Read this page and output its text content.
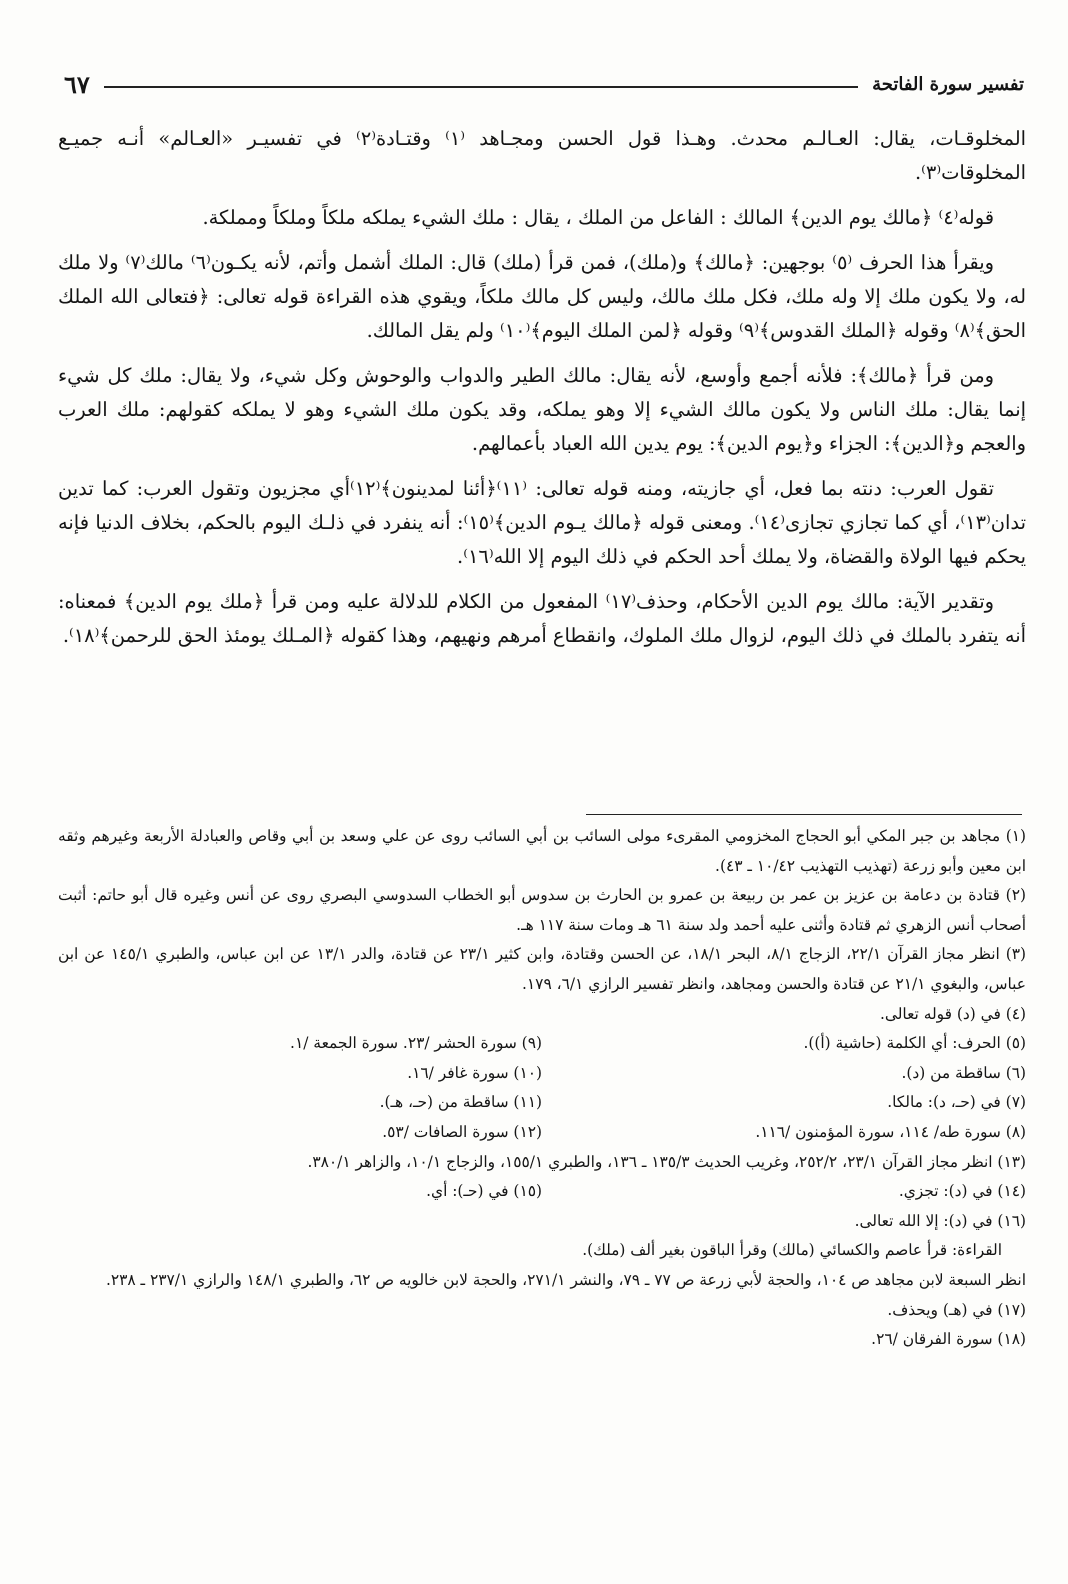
تفسير سورة الفاتحة
٦٧

المخلوقـات، يقال: العـالـم محدث. وهـذا قول الحسن ومجـاهد ⁽١⁾ وقتـادة⁽٢⁾ في تفسيـر «العـالم» أنـه جميـع المخلوقات⁽٣⁾.

قوله⁽٤⁾ ﴿مالك يوم الدين﴾ المالك : الفاعل من الملك ، يقال : ملك الشيء يملكه ملكاً وملكاً ومملكة.

ويقرأ هذا الحرف ⁽٥⁾ بوجهين: ﴿مالك﴾ و(ملك)، فمن قرأ (ملك) قال: الملك أشمل وأتم، لأنه يكـون⁽٦⁾ مالك⁽٧⁾ ولا ملك له، ولا يكون ملك إلا وله ملك، فكل ملك مالك، وليس كل مالك ملكاً، ويقوي هذه القراءة قوله تعالى: ﴿فتعالى الله الملك الحق﴾⁽٨⁾ وقوله ﴿الملك القدوس﴾⁽٩⁾ وقوله ﴿لمن الملك اليوم﴾⁽١٠⁾ ولم يقل المالك.

ومن قرأ ﴿مالك﴾: فلأنه أجمع وأوسع، لأنه يقال: مالك الطير والدواب والوحوش وكل شيء، ولا يقال: ملك كل شيء إنما يقال: ملك الناس ولا يكون مالك الشيء إلا وهو يملكه، وقد يكون ملك الشيء وهو لا يملكه كقولهم: ملك العرب والعجم و﴿الدين﴾: الجزاء و﴿يوم الدين﴾: يوم يدين الله العباد بأعمالهم.

تقول العرب: دنته بما فعل، أي جازيته، ومنه قوله تعالى: ⁽١١⁾﴿أئنا لمدينون﴾⁽١٢⁾أي مجزيون وتقول العرب: كما تدين تدان⁽١٣⁾، أي كما تجازي تجازى⁽١٤⁾. ومعنى قوله ﴿مالك يـوم الدين﴾⁽١٥⁾: أنه ينفرد في ذلـك اليوم بالحكم، بخلاف الدنيا فإنه يحكم فيها الولاة والقضاة، ولا يملك أحد الحكم في ذلك اليوم إلا الله⁽١٦⁾.

وتقدير الآية: مالك يوم الدين الأحكام، وحذف⁽١٧⁾ المفعول من الكلام للدلالة عليه ومن قرأ ﴿ملك يوم الدين﴾ فمعناه: أنه يتفرد بالملك في ذلك اليوم، لزوال ملك الملوك، وانقطاع أمرهم ونهيهم، وهذا كقوله ﴿المـلك يومئذ الحق للرحمن﴾⁽١٨⁾.

(١) مجاهد بن جبر المكي أبو الحجاج المخزومي المقرىء مولى السائب بن أبي السائب روى عن علي وسعد بن أبي وقاص والعبادلة الأربعة وغيرهم وثقه ابن معين وأبو زرعة (تهذيب التهذيب ١٠/٤٢ ـ ٤٣).

(٢) قتادة بن دعامة بن عزيز بن عمر بن ربيعة بن عمرو بن الحارث بن سدوس أبو الخطاب السدوسي البصري روى عن أنس وغيره قال أبو حاتم: أثبت أصحاب أنس الزهري ثم قتادة وأثنى عليه أحمد ولد سنة ٦١ هـ ومات سنة ١١٧ هـ.

(٣) انظر مجاز القرآن ٢٢/١، الزجاج ٨/١، البحر ١٨/١، عن الحسن وقتادة، وابن كثير ٢٣/١ عن قتادة، والدر ١٣/١ عن ابن عباس، والطبري ١٤٥/١ عن ابن عباس، والبغوي ٢١/١ عن قتادة والحسن ومجاهد، وانظر تفسير الرازي ٦/١، ١٧٩.

(٤) في (د) قوله تعالى.

(٥) الحرف: أي الكلمة (حاشية (أ)).
(٩) سورة الحشر /٢٣. سورة الجمعة /١.
(٦) ساقطة من (د).
(١٠) سورة غافر /١٦.
(٧) في (حـ، د): مالكا.
(١١) ساقطة من (حـ، هـ).
(٨) سورة طه/ ١١٤، سورة المؤمنون /١١٦.
(١٢) سورة الصافات /٥٣.

(١٣) انظر مجاز القرآن ٢٣/١، ٢٥٢/٢، وغريب الحديث ١٣٥/٣ ـ ١٣٦، والطبري ١٥٥/١، والزجاج ١٠/١، والزاهر ٣٨٠/١.

(١٤) في (د): تجزي.
(١٥) في (حـ): أي.

(١٦) في (د): إلا الله تعالى.

القراءة: قرأ عاصم والكسائي (مالك) وقرأ الباقون بغير ألف (ملك).

انظر السبعة لابن مجاهد ص ١٠٤، والحجة لأبي زرعة ص ٧٧ ـ ٧٩، والنشر ٢٧١/١، والحجة لابن خالويه ص ٦٢، والطبري ١٤٨/١ والرازي ٢٣٧/١ ـ ٢٣٨.

(١٧) في (هـ) ويحذف.

(١٨) سورة الفرقان /٢٦.
